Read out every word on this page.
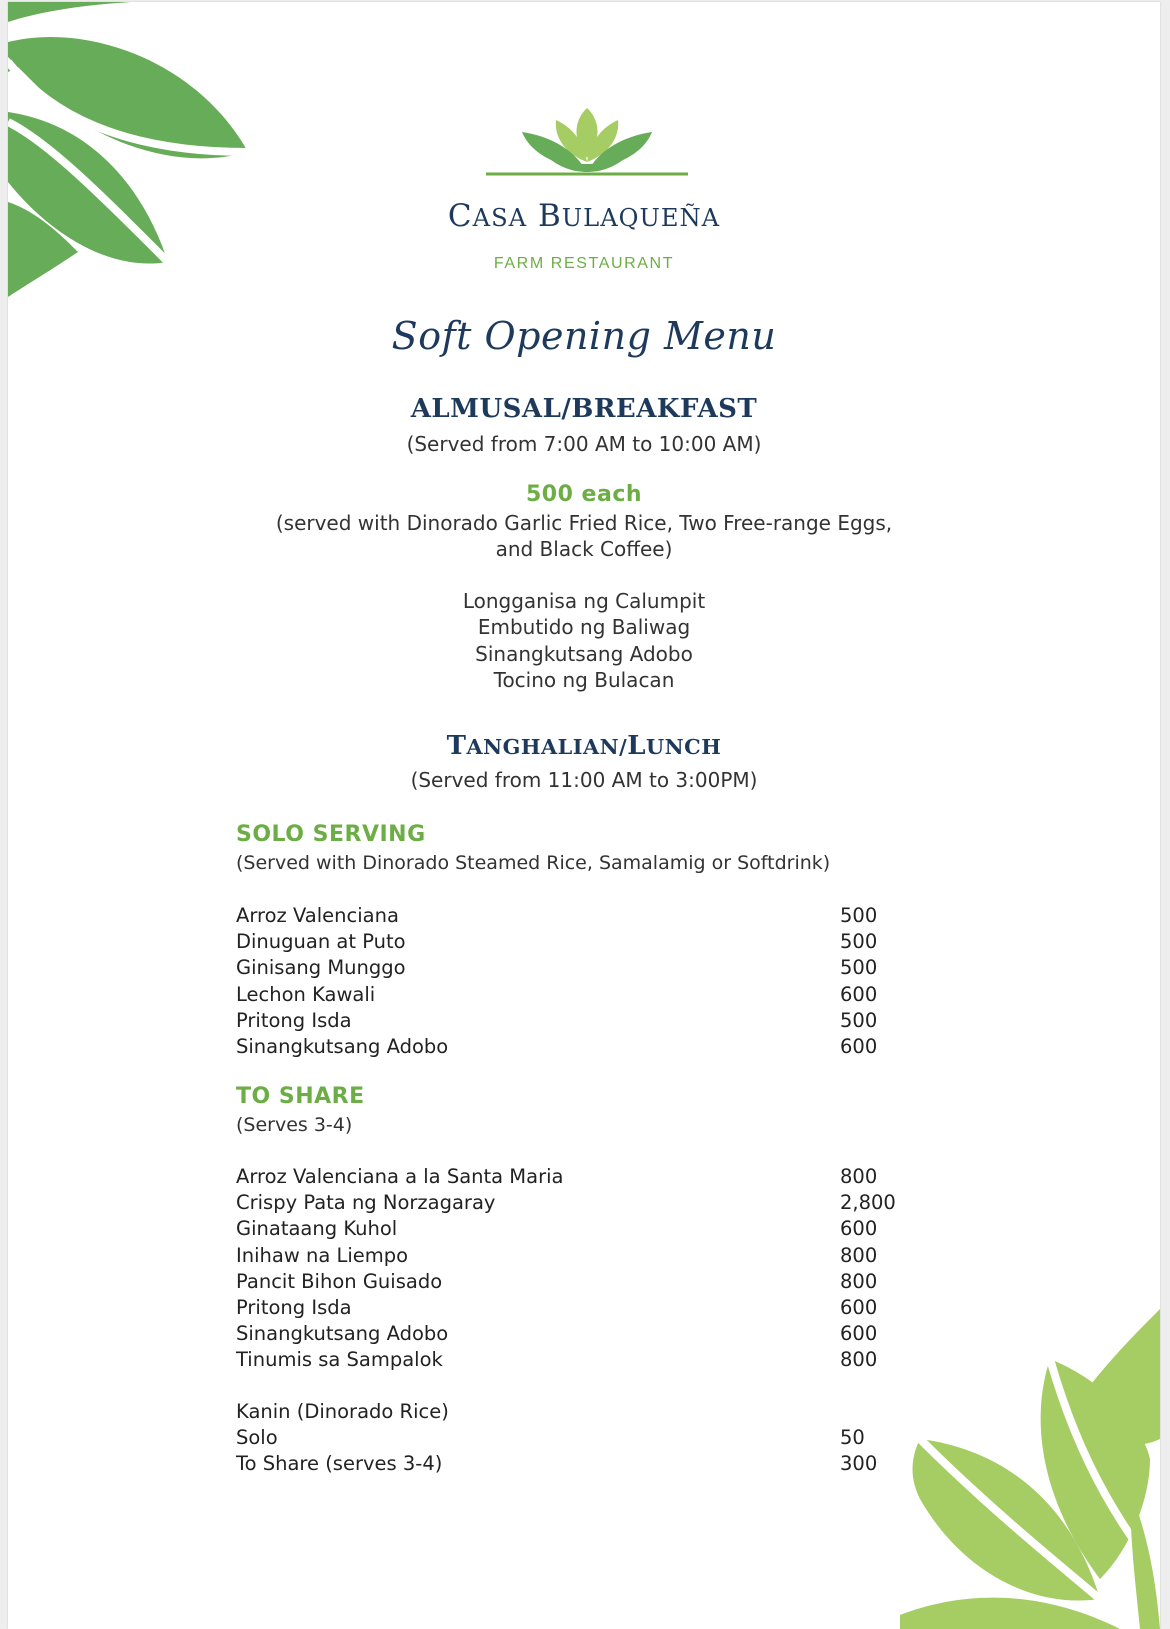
CASA BULAQUEÑA
FARM RESTAURANT
Soft Opening Menu
ALMUSAL/BREAKFAST
(Served from 7:00 AM to 10:00 AM)
500 each
(served with Dinorado Garlic Fried Rice, Two Free-range Eggs,
and Black Coffee)
Longganisa ng Calumpit
Embutido ng Baliwag
Sinangkutsang Adobo
Tocino ng Bulacan
TANGHALIAN/LUNCH
(Served from 11:00 AM to 3:00PM)
SOLO SERVING
(Served with Dinorado Steamed Rice, Samalamig or Softdrink)
Arroz Valenciana	500
Dinuguan at Puto	500
Ginisang Munggo	500
Lechon Kawali	600
Pritong Isda	500
Sinangkutsang Adobo	600
TO SHARE
(Serves 3-4)
Arroz Valenciana a la Santa Maria	800
Crispy Pata ng Norzagaray	2,800
Ginataang Kuhol	600
Inihaw na Liempo	800
Pancit Bihon Guisado	800
Pritong Isda	600
Sinangkutsang Adobo	600
Tinumis sa Sampalok	800
Kanin (Dinorado Rice)
Solo	50
To Share (serves 3-4)	300
